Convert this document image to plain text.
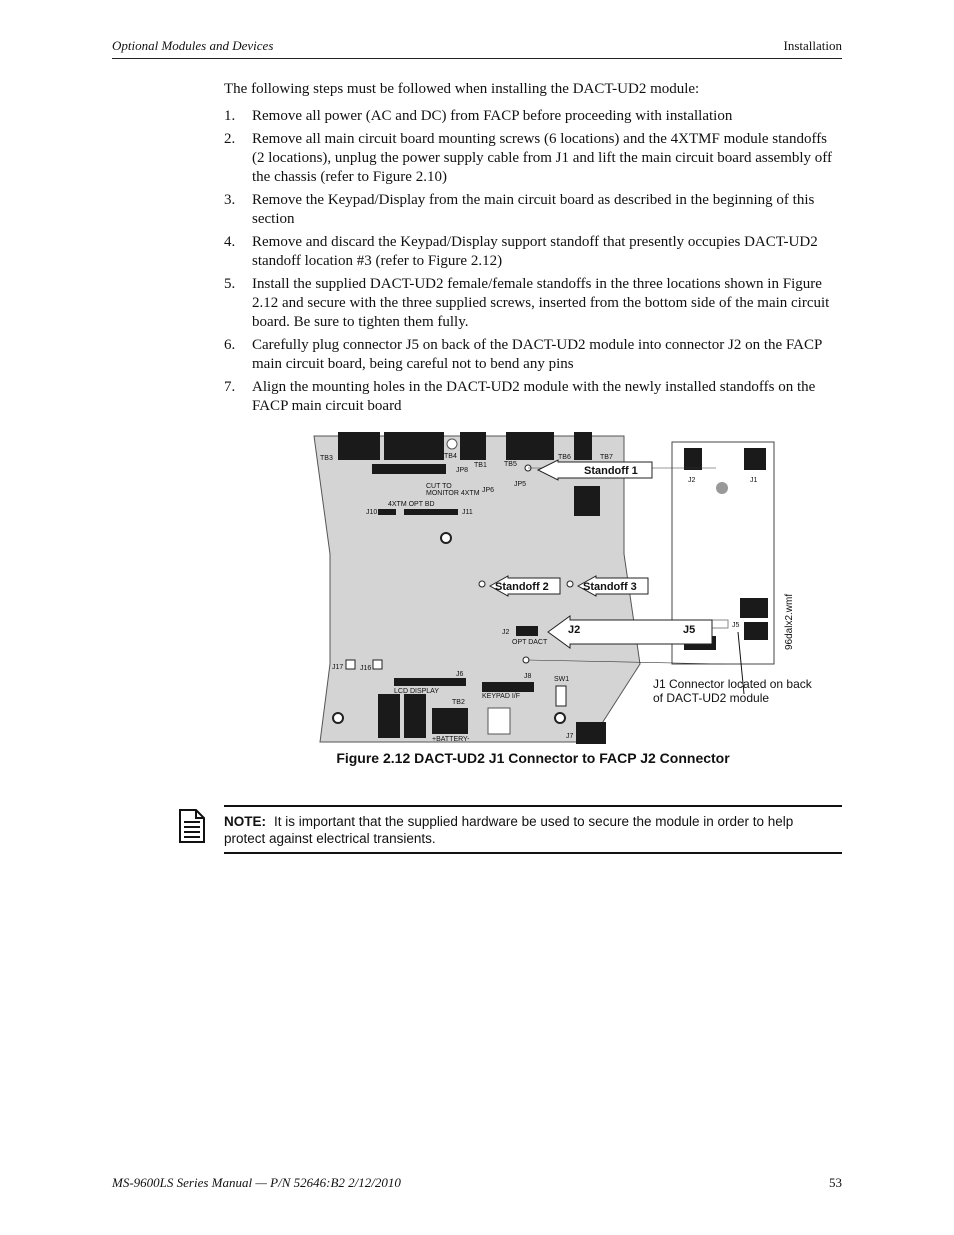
Optional Modules and Devices	Installation

The following steps must be followed when installing the DACT-UD2 module:

1.	Remove all power (AC and DC) from FACP before proceeding with installation
2.	Remove all main circuit board mounting screws (6 locations) and the 4XTMF module standoffs (2 locations), unplug the power supply cable from J1 and lift the main circuit board assembly off the chassis (refer to Figure 2.10)
3.	Remove the Keypad/Display from the main circuit board as described in the beginning of this section
4.	Remove and discard the Keypad/Display support standoff that presently occupies DACT-UD2 standoff location #3 (refer to Figure 2.12)
5.	Install the supplied DACT-UD2 female/female standoffs in the three locations shown in Figure 2.12 and secure with the three supplied screws, inserted from the bottom side of the main circuit board. Be sure to tighten them fully.
6.	Carefully plug connector J5 on back of the DACT-UD2 module into connector J2 on the FACP main circuit board, being careful not to bend any pins
7.	Align the mounting holes in the DACT-UD2 module with the newly installed standoffs on the FACP main circuit board
Standoff 1
Standoff 2	Standoff 3
J2	J5
TB3	TB4
TB1 TB5
TB6	TB7
JP8
JP6
JP5
CUT TO
MONITOR 4XTM
4XTM OPT BD
J10	J11
J2
OPT DACT
J17 J16
J6
LCD DISPLAY
J8
KEYPAD I/F
SW1
TB2
+BATTERY-	J7
J2	J1
J5	96dalx2.wmf
J1 Connector located on back of DACT-UD2 module
Figure 2.12 DACT-UD2 J1 Connector to FACP J2 Connector
NOTE: It is important that the supplied hardware be used to secure the module in order to help protect against electrical transients.
MS-9600LS Series Manual — P/N 52646:B2 2/12/2010	53
